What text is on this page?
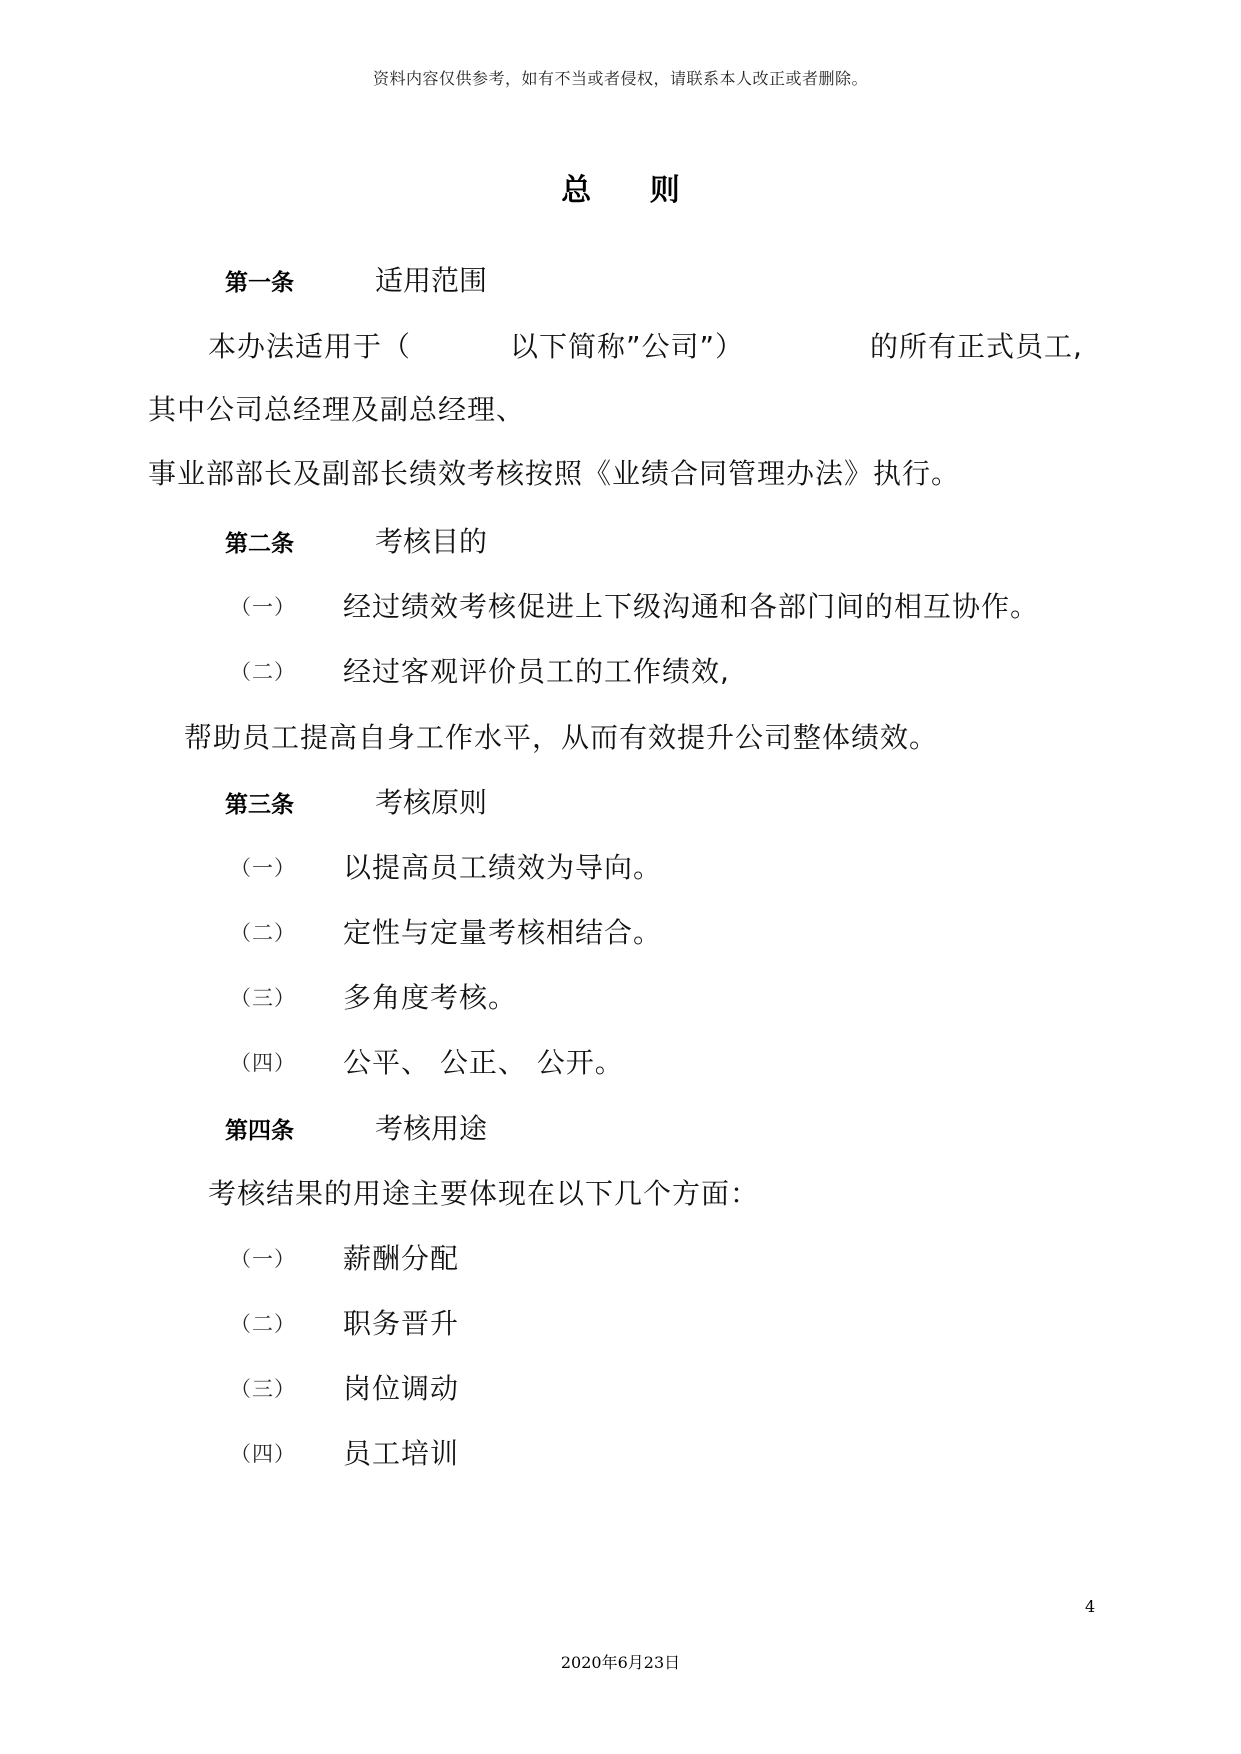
资料内容仅供参考，如有不当或者侵权，请联系本人改正或者删除。
总 则
第一条	适用范围
本办法适用于（	以下简称”公司”）	的所有正式员工,
其中公司总经理及副总经理、
事业部部长及副部长绩效考核按照《业绩合同管理办法》执行。
第二条	考核目的
（一） 经过绩效考核促进上下级沟通和各部门间的相互协作。
（二） 经过客观评价员工的工作绩效,
帮助员工提高自身工作水平，从而有效提升公司整体绩效。
第三条	考核原则
（一） 以提高员工绩效为导向。
（二） 定性与定量考核相结合。
（三） 多角度考核。
（四） 公平、 公正、 公开。
第四条	考核用途
考核结果的用途主要体现在以下几个方面：
（一） 薪酬分配
（二） 职务晋升
（三） 岗位调动
（四） 员工培训
4
2020年6月23日
